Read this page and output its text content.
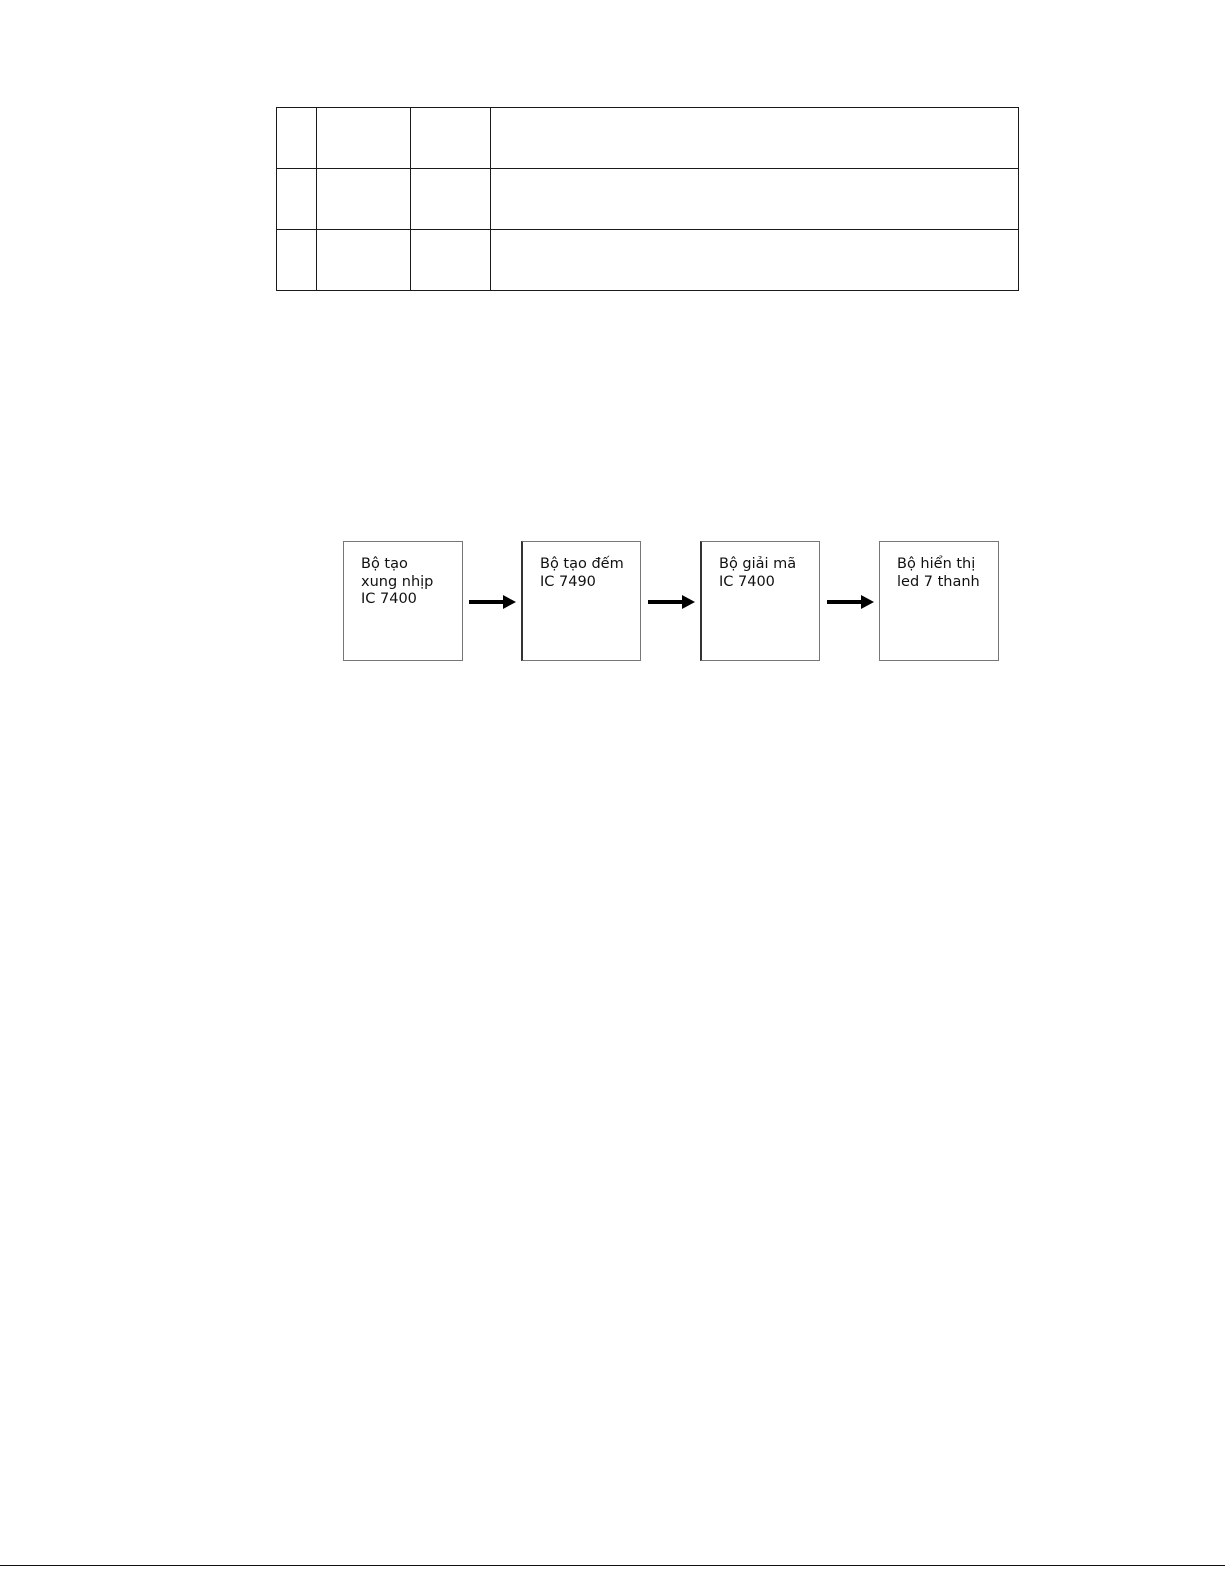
Bộ tạo
xung nhịp
IC 7400
Bộ tạo đếm
IC 7490
Bộ giải mã
IC 7400
Bộ hiển thị
led 7 thanh
